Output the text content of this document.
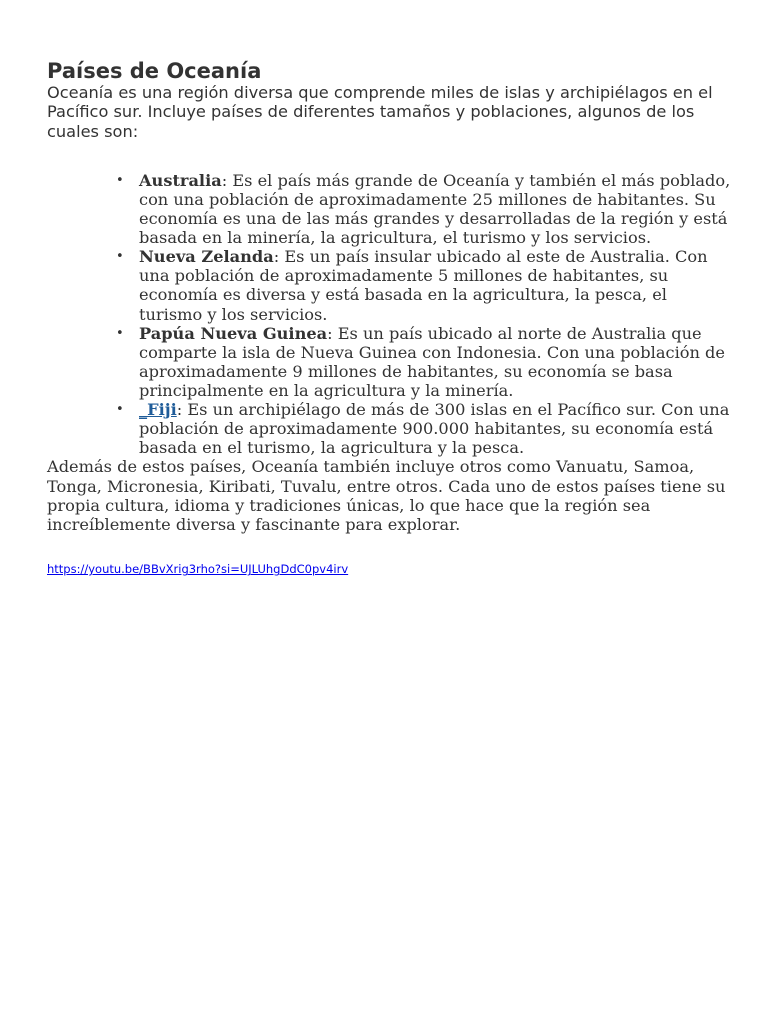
Países de Oceanía

Oceanía es una región diversa que comprende miles de islas y archipiélagos en el Pacífico sur. Incluye países de diferentes tamaños y poblaciones, algunos de los cuales son:

• Australia: Es el país más grande de Oceanía y también el más poblado, con una población de aproximadamente 25 millones de habitantes. Su economía es una de las más grandes y desarrolladas de la región y está basada en la minería, la agricultura, el turismo y los servicios.
• Nueva Zelanda: Es un país insular ubicado al este de Australia. Con una población de aproximadamente 5 millones de habitantes, su economía es diversa y está basada en la agricultura, la pesca, el turismo y los servicios.
• Papúa Nueva Guinea: Es un país ubicado al norte de Australia que comparte la isla de Nueva Guinea con Indonesia. Con una población de aproximadamente 9 millones de habitantes, su economía se basa principalmente en la agricultura y la minería.
• _Fiji: Es un archipiélago de más de 300 islas en el Pacífico sur. Con una población de aproximadamente 900.000 habitantes, su economía está basada en el turismo, la agricultura y la pesca.

Además de estos países, Oceanía también incluye otros como Vanuatu, Samoa, Tonga, Micronesia, Kiribati, Tuvalu, entre otros. Cada uno de estos países tiene su propia cultura, idioma y tradiciones únicas, lo que hace que la región sea increíblemente diversa y fascinante para explorar.

https://youtu.be/BBvXrig3rho?si=UJLUhgDdC0pv4irv
